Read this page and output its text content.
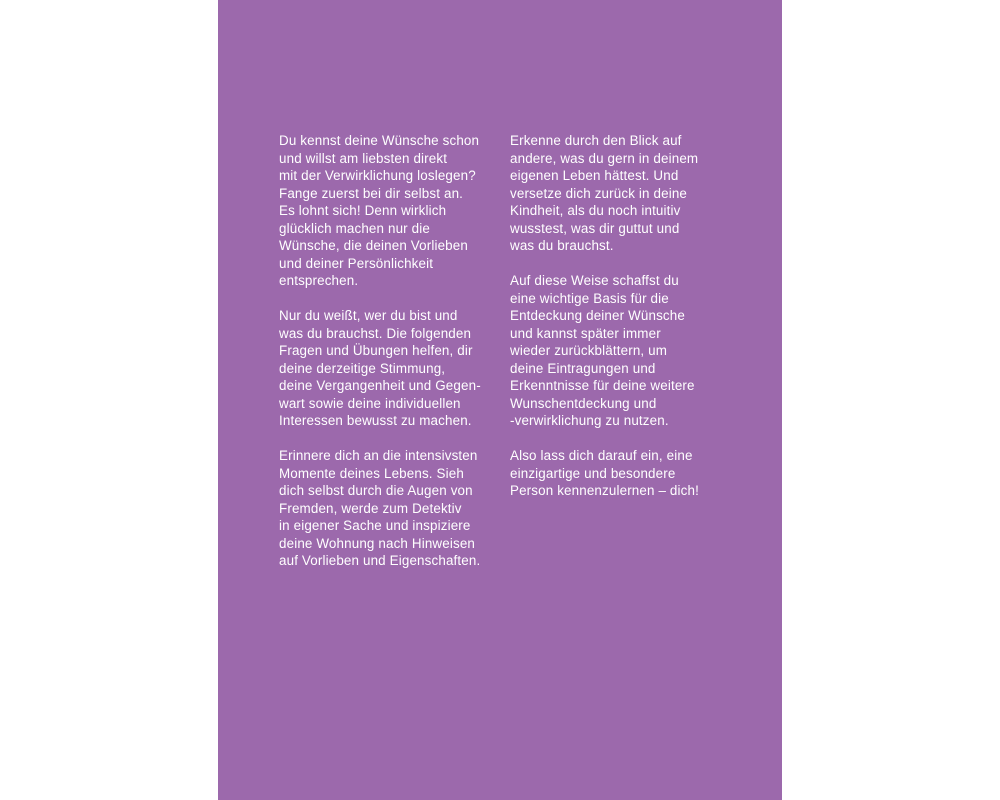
Du kennst deine Wünsche schon
und willst am liebsten direkt
mit der Verwirklichung loslegen?
Fange zuerst bei dir selbst an.
Es lohnt sich! Denn wirklich
glücklich machen nur die
Wünsche, die deinen Vorlieben
und deiner Persönlichkeit
entsprechen.

Nur du weißt, wer du bist und
was du brauchst. Die folgenden
Fragen und Übungen helfen, dir
deine derzeitige Stimmung,
deine Vergangenheit und Gegen-
wart sowie deine individuellen
Interessen bewusst zu machen.

Erinnere dich an die intensivsten
Momente deines Lebens. Sieh
dich selbst durch die Augen von
Fremden, werde zum Detektiv
in eigener Sache und inspiziere
deine Wohnung nach Hinweisen
auf Vorlieben und Eigenschaften.

Erkenne durch den Blick auf
andere, was du gern in deinem
eigenen Leben hättest. Und
versetze dich zurück in deine
Kindheit, als du noch intuitiv
wusstest, was dir guttut und
was du brauchst.

Auf diese Weise schaffst du
eine wichtige Basis für die
Entdeckung deiner Wünsche
und kannst später immer
wieder zurückblättern, um
deine Eintragungen und
Erkenntnisse für deine weitere
Wunschentdeckung und
-verwirklichung zu nutzen.

Also lass dich darauf ein, eine
einzigartige und besondere
Person kennenzulernen – dich!
